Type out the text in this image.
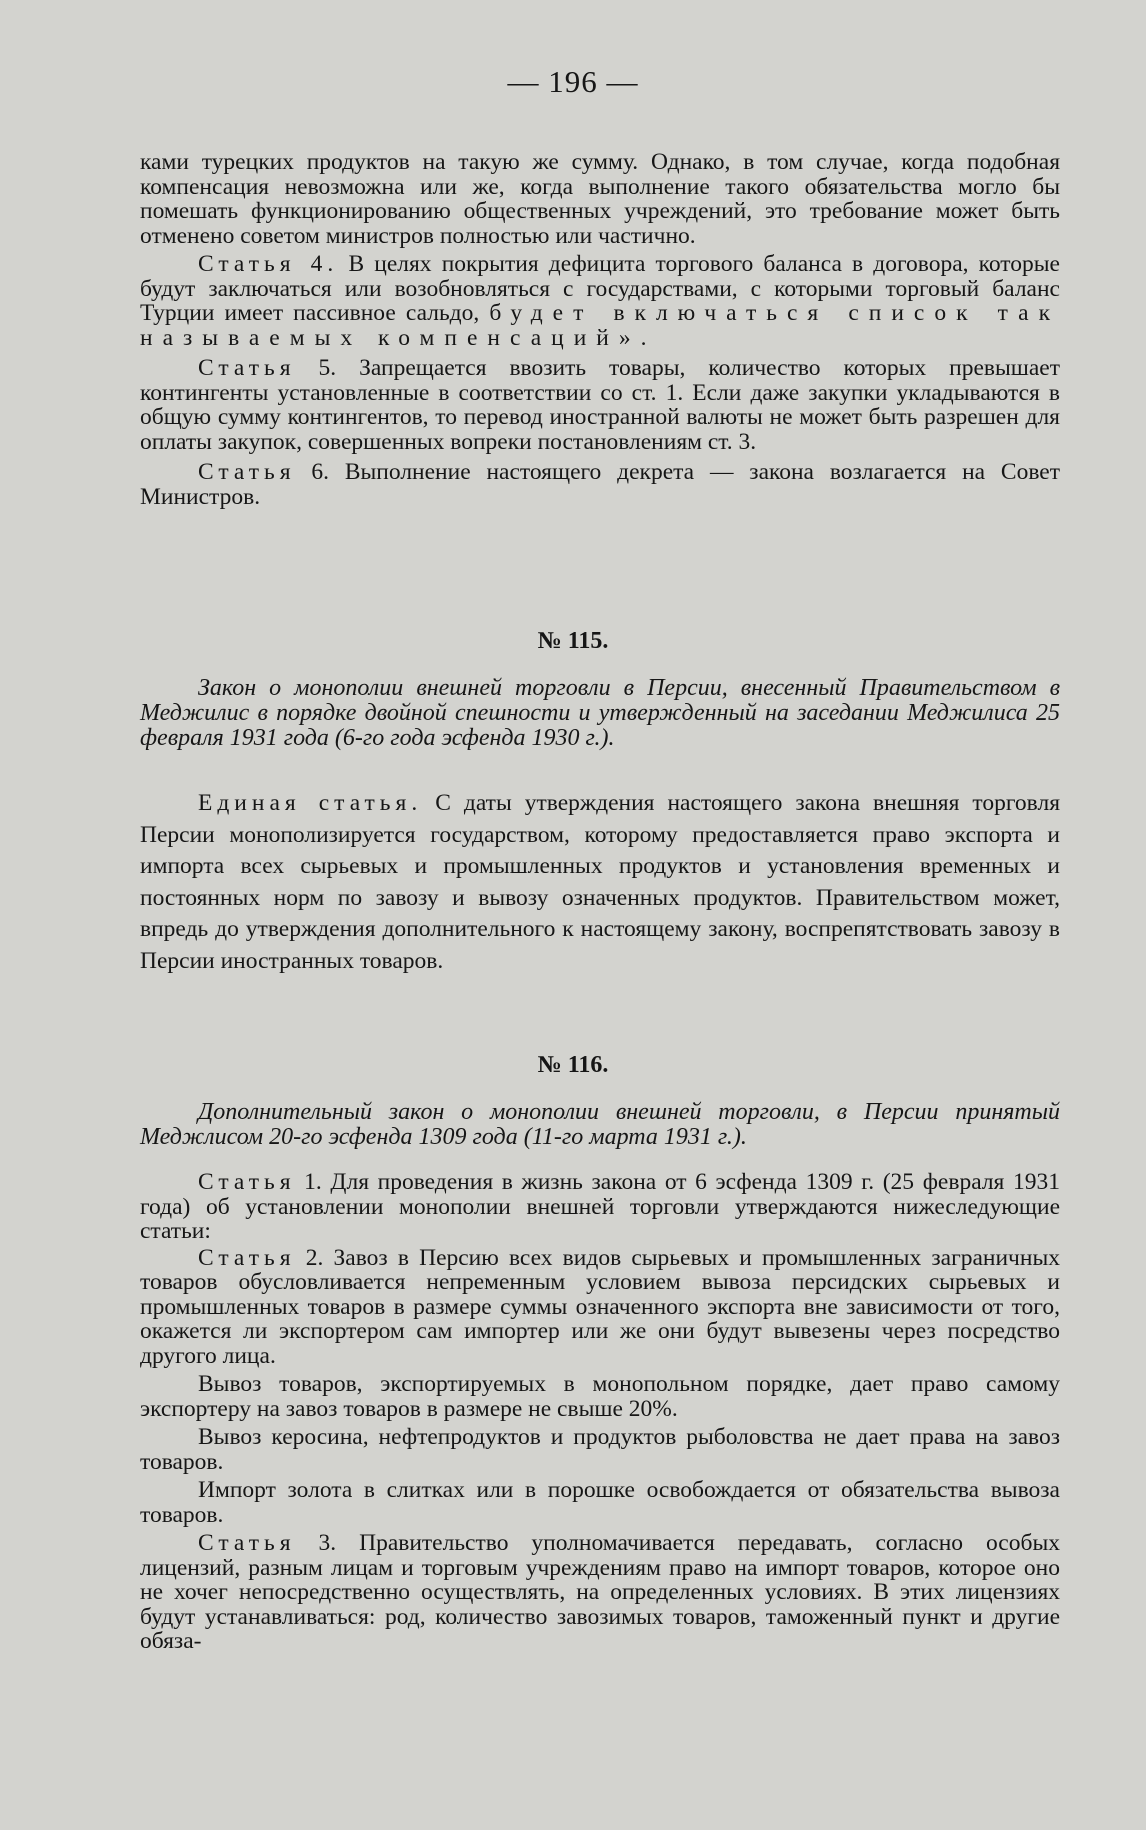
— 196 —

ками турецких продуктов на такую же сумму. Однако, в том случае, когда подобная компенсация невозможна или же, когда выполнение такого обязательства могло бы помешать функционированию общественных учреждений, это требование может быть отменено советом министров полностью или частично.

Статья 4. В целях покрытия дефицита торгового баланса в договора, которые будут заключаться или возобновляться с государствами, с которыми торговый баланс Турции имеет пассивное сальдо, будет включаться список так называемых компенсаций».

Статья 5. Запрещается ввозить товары, количество которых превышает контингенты установленные в соответствии со ст. 1. Если даже закупки укладываются в общую сумму контингентов, то перевод иностранной валюты не может быть разрешен для оплаты закупок, совершенных вопреки постановлениям ст. 3.

Статья 6. Выполнение настоящего декрета — закона возлагается на Совет Министров.

№ 115.

Закон о монополии внешней торговли в Персии, внесенный Правительством в Меджилис в порядке двойной спешности и утвержденный на заседании Меджилиса 25 февраля 1931 года (6-го года эсфенда 1930 г.).

Единая статья. С даты утверждения настоящего закона внешняя торговля Персии монополизируется государством, которому предоставляется право экспорта и импорта всех сырьевых и промышленных продуктов и установления временных и постоянных норм по завозу и вывозу означенных продуктов. Правительством может, впредь до утверждения дополнительного к настоящему закону, воспрепятствовать завозу в Персии иностранных товаров.

№ 116.

Дополнительный закон о монополии внешней торговли, в Персии принятый Меджлисом 20-го эсфенда 1309 года (11-го марта 1931 г.).

Статья 1. Для проведения в жизнь закона от 6 эсфенда 1309 г. (25 февраля 1931 года) об установлении монополии внешней торговли утверждаются нижеследующие статьи:

Статья 2. Завоз в Персию всех видов сырьевых и промышленных заграничных товаров обусловливается непременным условием вывоза персидских сырьевых и промышленных товаров в размере суммы означенного экспорта вне зависимости от того, окажется ли экспортером сам импортер или же они будут вывезены через посредство другого лица.

Вывоз товаров, экспортируемых в монопольном порядке, дает право самому экспортеру на завоз товаров в размере не свыше 20%.

Вывоз керосина, нефтепродуктов и продуктов рыболовства не дает права на завоз товаров.

Импорт золота в слитках или в порошке освобождается от обязательства вывоза товаров.

Статья 3. Правительство уполномачивается передавать, согласно особых лицензий, разным лицам и торговым учреждениям право на импорт товаров, которое оно не хочег непосредственно осуществлять, на определенных условиях. В этих лицензиях будут устанавливаться: род, количество завозимых товаров, таможенный пункт и другие обяза-
